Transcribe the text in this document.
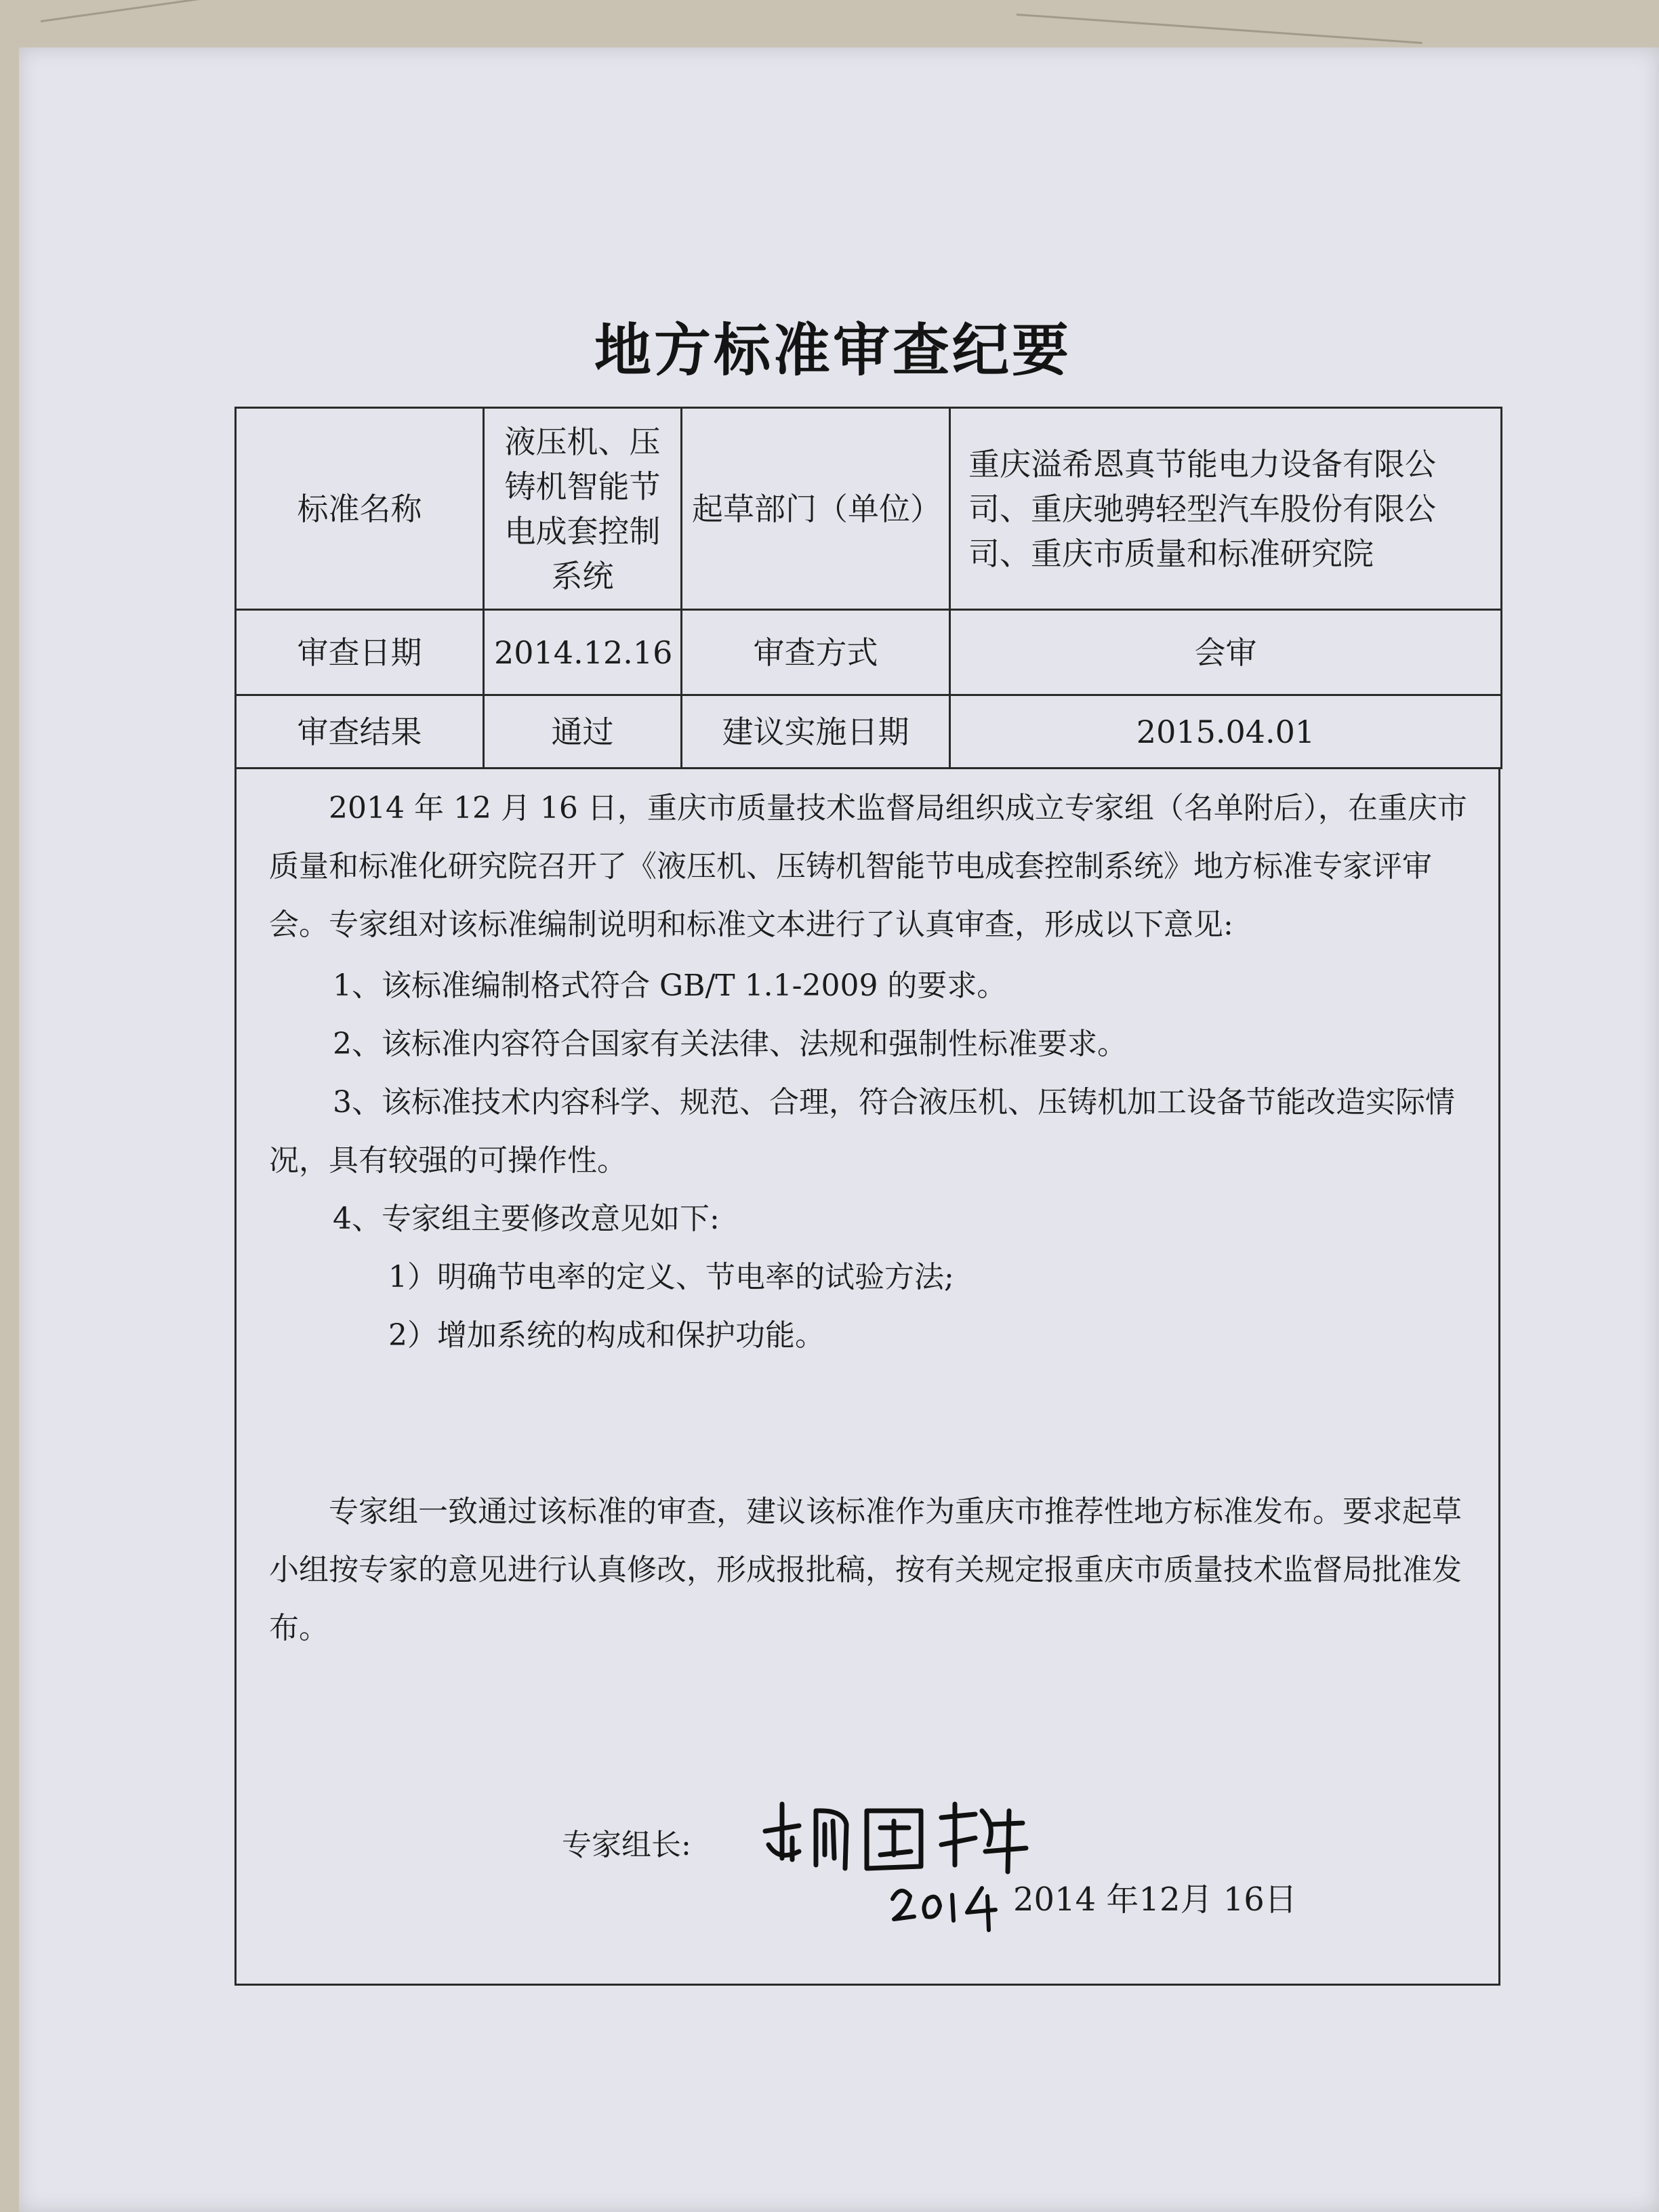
地方标准审查纪要
标准名称	液压机、压铸机智能节电成套控制系统	起草部门（单位）	重庆溢希恩真节能电力设备有限公司、重庆驰骋轻型汽车股份有限公司、重庆市质量和标准研究院
审查日期	2014.12.16	审查方式	会审
审查结果	通过	建议实施日期	2015.04.01

2014 年 12 月 16 日，重庆市质量技术监督局组织成立专家组（名单附后），在重庆市质量和标准化研究院召开了《液压机、压铸机智能节电成套控制系统》地方标准专家评审会。专家组对该标准编制说明和标准文本进行了认真审查，形成以下意见:

1、该标准编制格式符合 GB/T 1.1-2009 的要求。

2、该标准内容符合国家有关法律、法规和强制性标准要求。

3、该标准技术内容科学、规范、合理，符合液压机、压铸机加工设备节能改造实际情况，具有较强的可操作性。

4、专家组主要修改意见如下:

1）明确节电率的定义、节电率的试验方法;

2）增加系统的构成和保护功能。

专家组一致通过该标准的审查，建议该标准作为重庆市推荐性地方标准发布。要求起草小组按专家的意见进行认真修改，形成报批稿，按有关规定报重庆市质量技术监督局批准发布。

专家组长:
2014 年12月 16日
